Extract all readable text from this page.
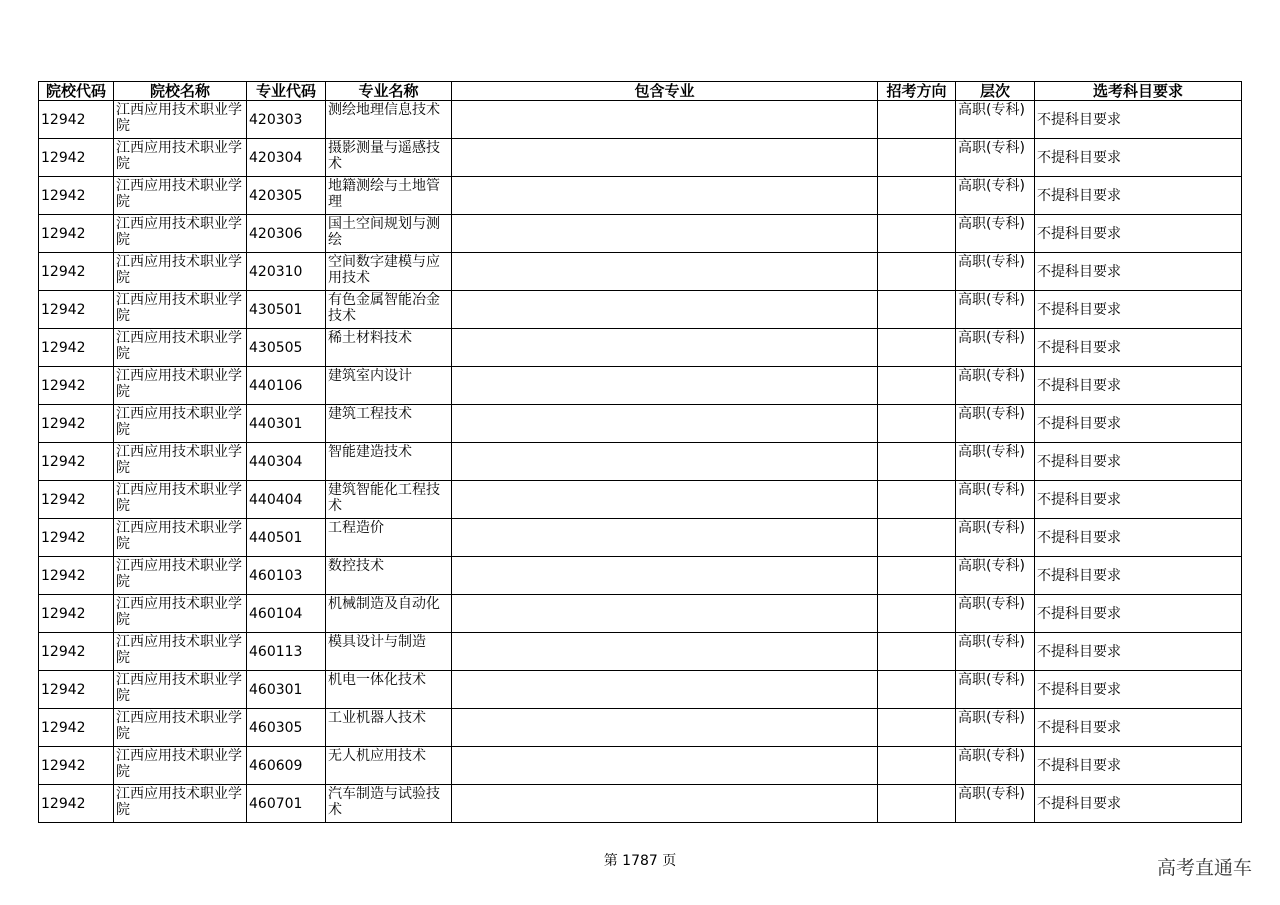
院校代码	院校名称	专业代码	专业名称	包含专业	招考方向	层次	选考科目要求
12942	江西应用技术职业学院	420303	测绘地理信息技术			高职(专科)	不提科目要求
12942	江西应用技术职业学院	420304	摄影测量与遥感技术			高职(专科)	不提科目要求
12942	江西应用技术职业学院	420305	地籍测绘与土地管理			高职(专科)	不提科目要求
12942	江西应用技术职业学院	420306	国土空间规划与测绘			高职(专科)	不提科目要求
12942	江西应用技术职业学院	420310	空间数字建模与应用技术			高职(专科)	不提科目要求
12942	江西应用技术职业学院	430501	有色金属智能冶金技术			高职(专科)	不提科目要求
12942	江西应用技术职业学院	430505	稀土材料技术			高职(专科)	不提科目要求
12942	江西应用技术职业学院	440106	建筑室内设计			高职(专科)	不提科目要求
12942	江西应用技术职业学院	440301	建筑工程技术			高职(专科)	不提科目要求
12942	江西应用技术职业学院	440304	智能建造技术			高职(专科)	不提科目要求
12942	江西应用技术职业学院	440404	建筑智能化工程技术			高职(专科)	不提科目要求
12942	江西应用技术职业学院	440501	工程造价			高职(专科)	不提科目要求
12942	江西应用技术职业学院	460103	数控技术			高职(专科)	不提科目要求
12942	江西应用技术职业学院	460104	机械制造及自动化			高职(专科)	不提科目要求
12942	江西应用技术职业学院	460113	模具设计与制造			高职(专科)	不提科目要求
12942	江西应用技术职业学院	460301	机电一体化技术			高职(专科)	不提科目要求
12942	江西应用技术职业学院	460305	工业机器人技术			高职(专科)	不提科目要求
12942	江西应用技术职业学院	460609	无人机应用技术			高职(专科)	不提科目要求
12942	江西应用技术职业学院	460701	汽车制造与试验技术			高职(专科)	不提科目要求
第 1787 页	高考直通车
